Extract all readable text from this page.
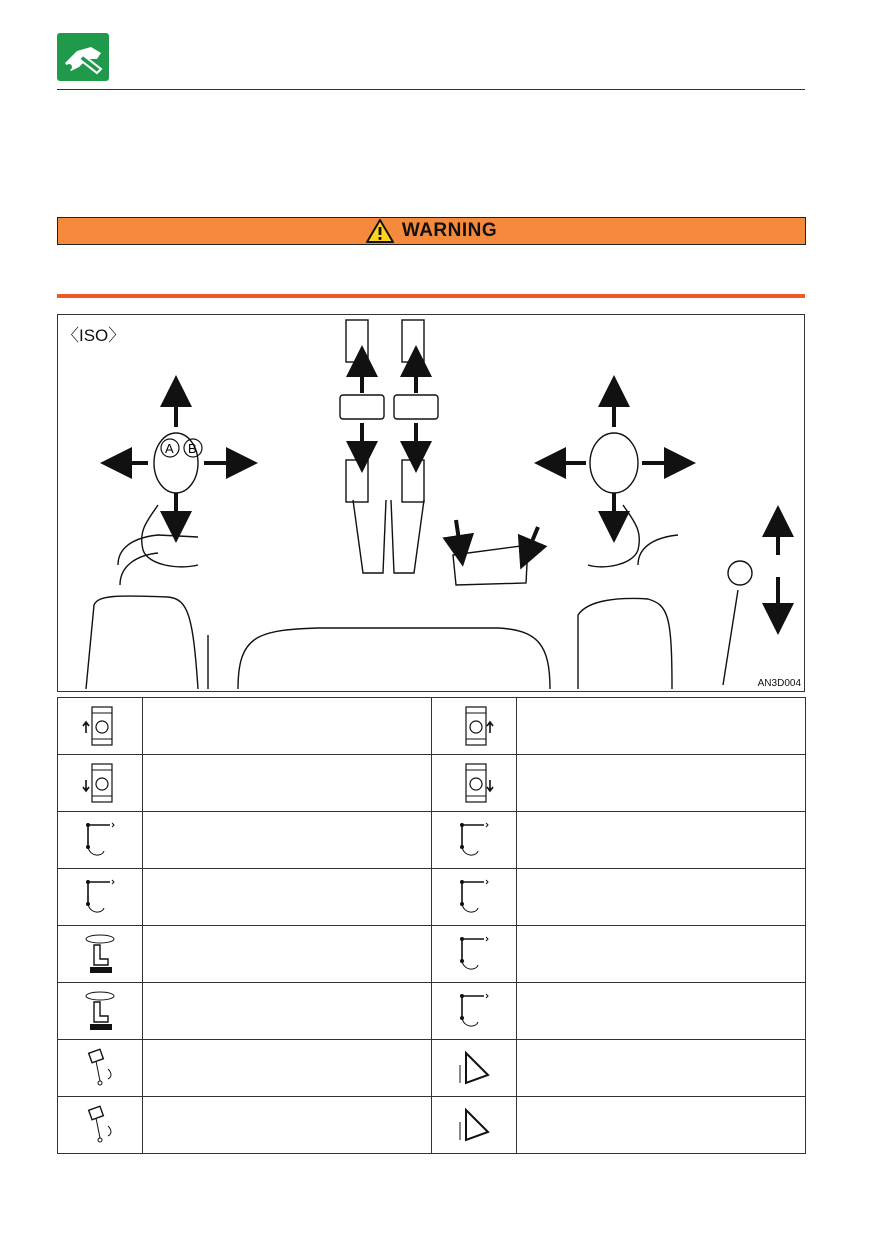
WARNING
〈ISO〉
A B
AN3D004
